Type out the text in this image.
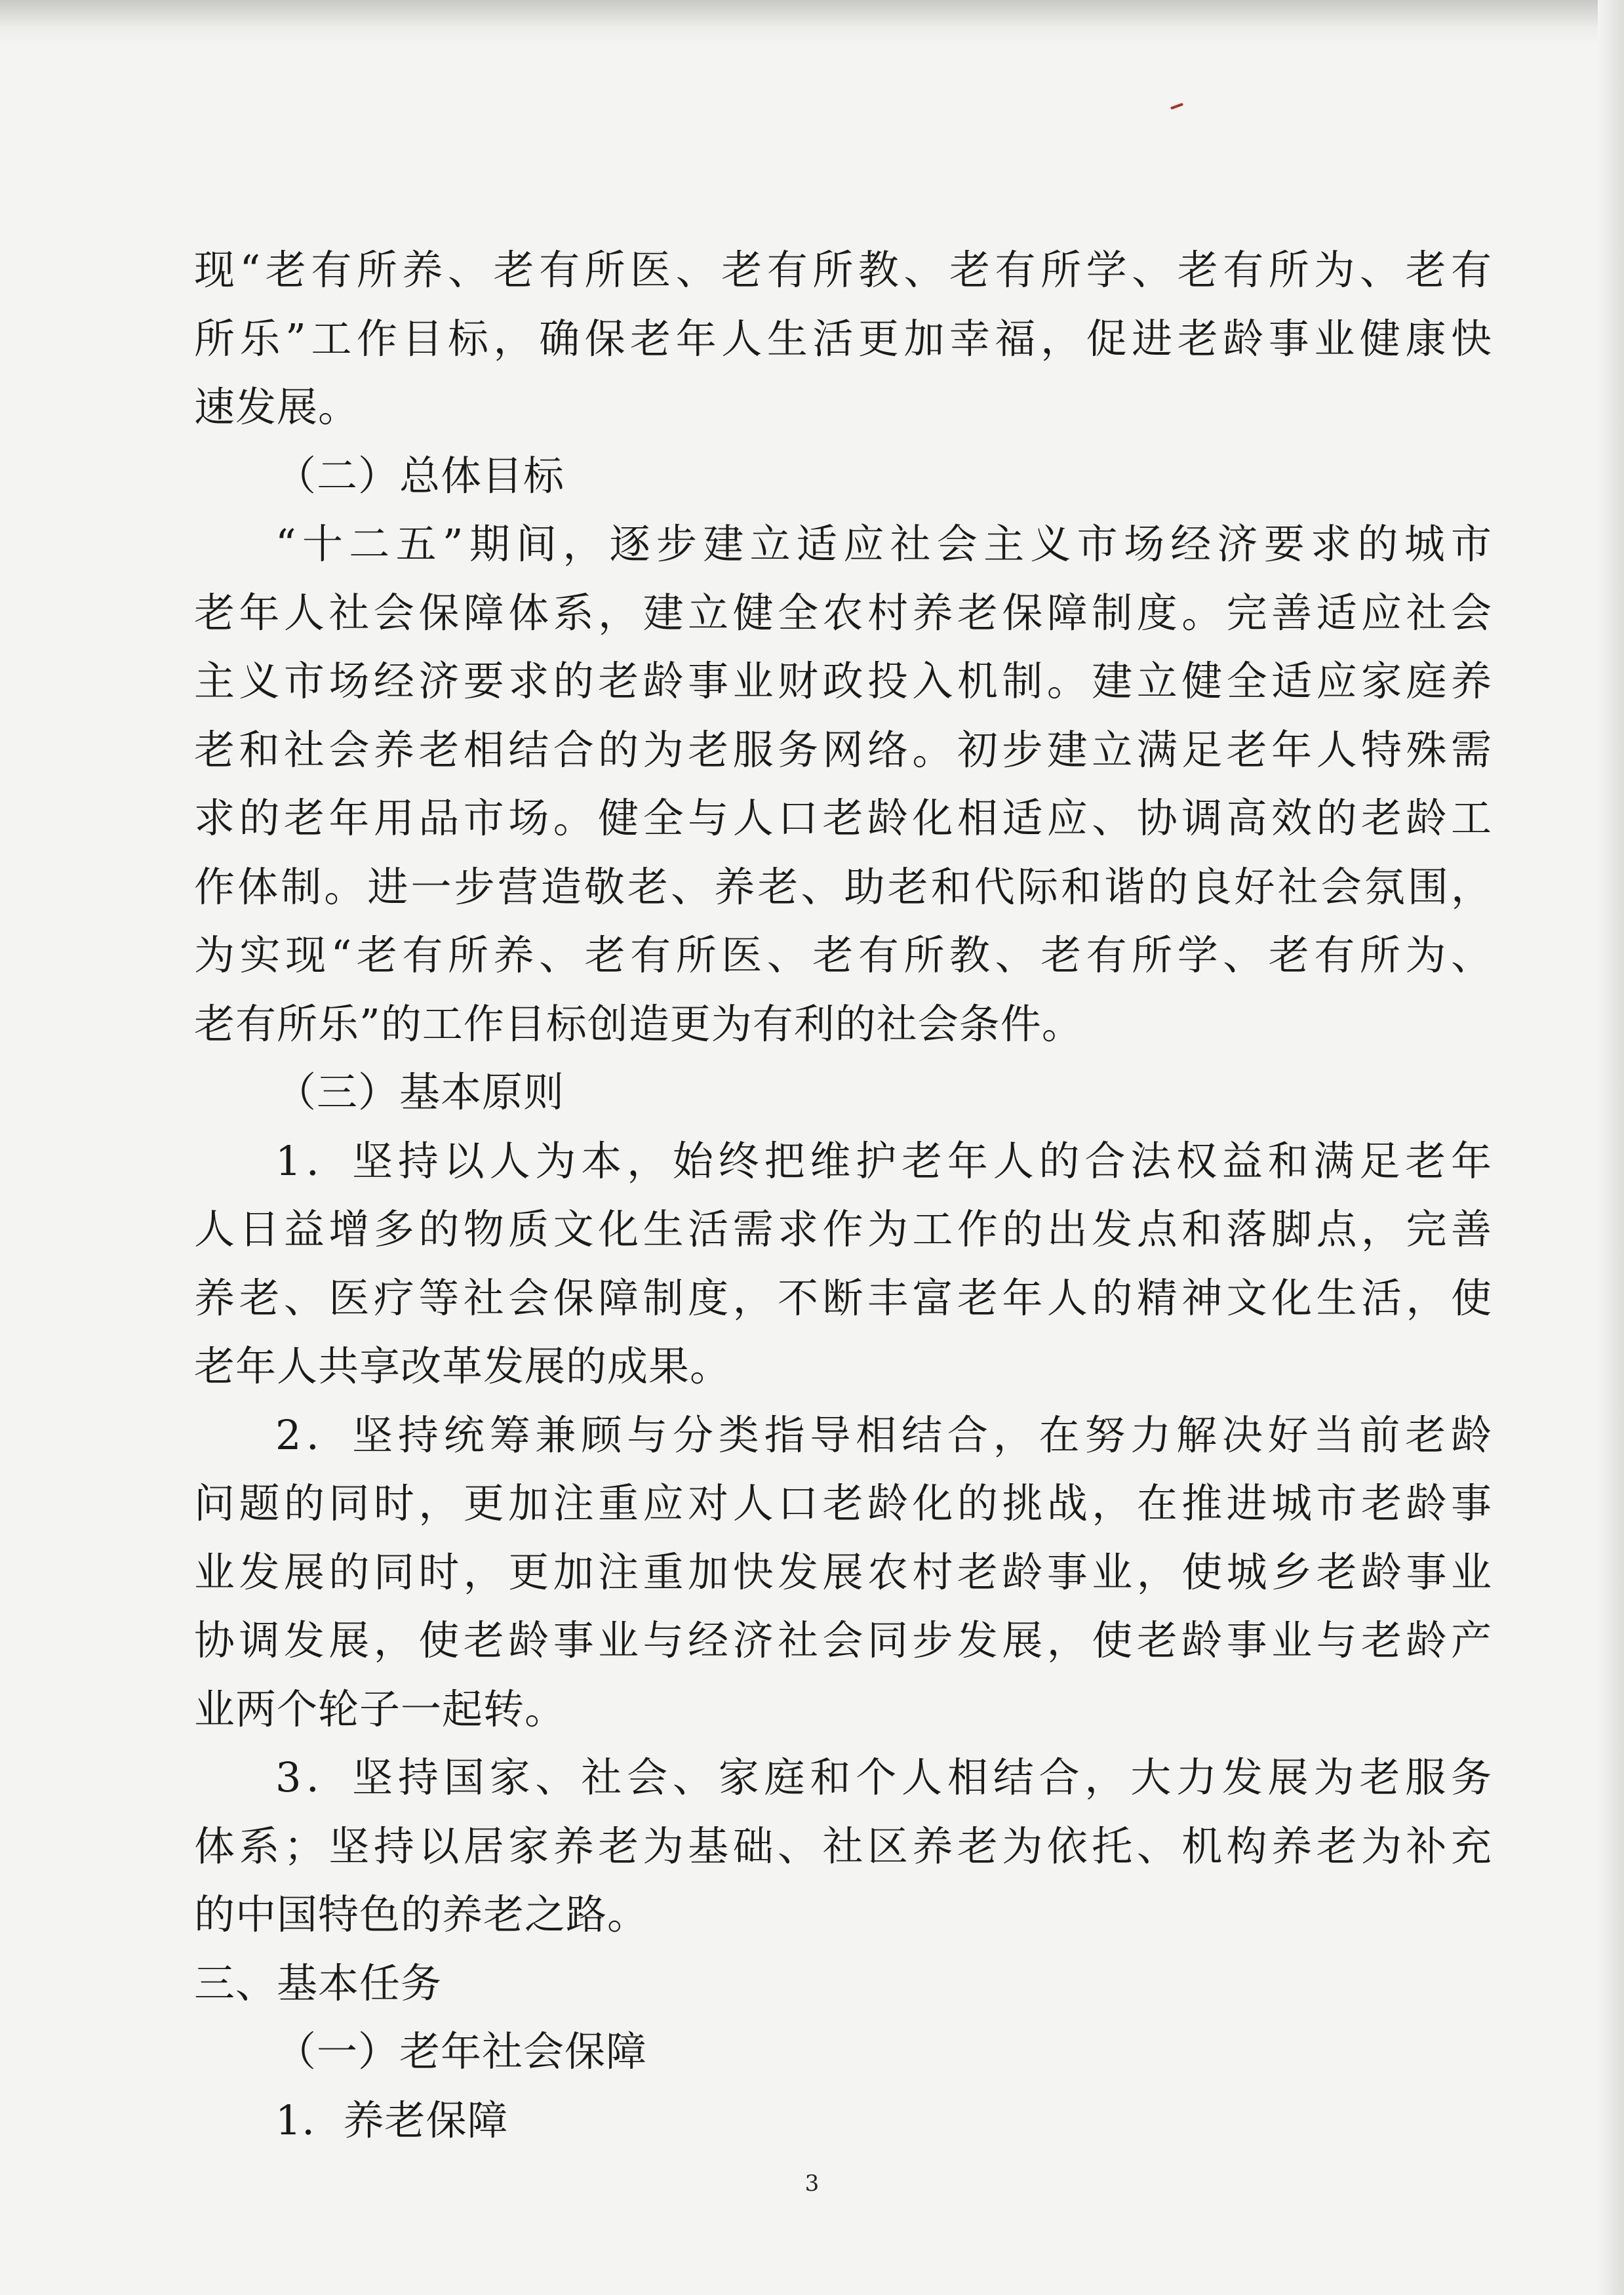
现“老有所养、老有所医、老有所教、老有所学、老有所为、老有
所乐”工作目标，确保老年人生活更加幸福，促进老龄事业健康快
速发展。
（二）总体目标
“十二五”期间，逐步建立适应社会主义市场经济要求的城市
老年人社会保障体系，建立健全农村养老保障制度。完善适应社会
主义市场经济要求的老龄事业财政投入机制。建立健全适应家庭养
老和社会养老相结合的为老服务网络。初步建立满足老年人特殊需
求的老年用品市场。健全与人口老龄化相适应、协调高效的老龄工
作体制。进一步营造敬老、养老、助老和代际和谐的良好社会氛围，
为实现“老有所养、老有所医、老有所教、老有所学、老有所为、
老有所乐”的工作目标创造更为有利的社会条件。
（三）基本原则
1．坚持以人为本，始终把维护老年人的合法权益和满足老年
人日益增多的物质文化生活需求作为工作的出发点和落脚点，完善
养老、医疗等社会保障制度，不断丰富老年人的精神文化生活，使
老年人共享改革发展的成果。
2．坚持统筹兼顾与分类指导相结合，在努力解决好当前老龄
问题的同时，更加注重应对人口老龄化的挑战，在推进城市老龄事
业发展的同时，更加注重加快发展农村老龄事业，使城乡老龄事业
协调发展，使老龄事业与经济社会同步发展，使老龄事业与老龄产
业两个轮子一起转。
3．坚持国家、社会、家庭和个人相结合，大力发展为老服务
体系；坚持以居家养老为基础、社区养老为依托、机构养老为补充
的中国特色的养老之路。
三、基本任务
（一）老年社会保障
1．养老保障
3
